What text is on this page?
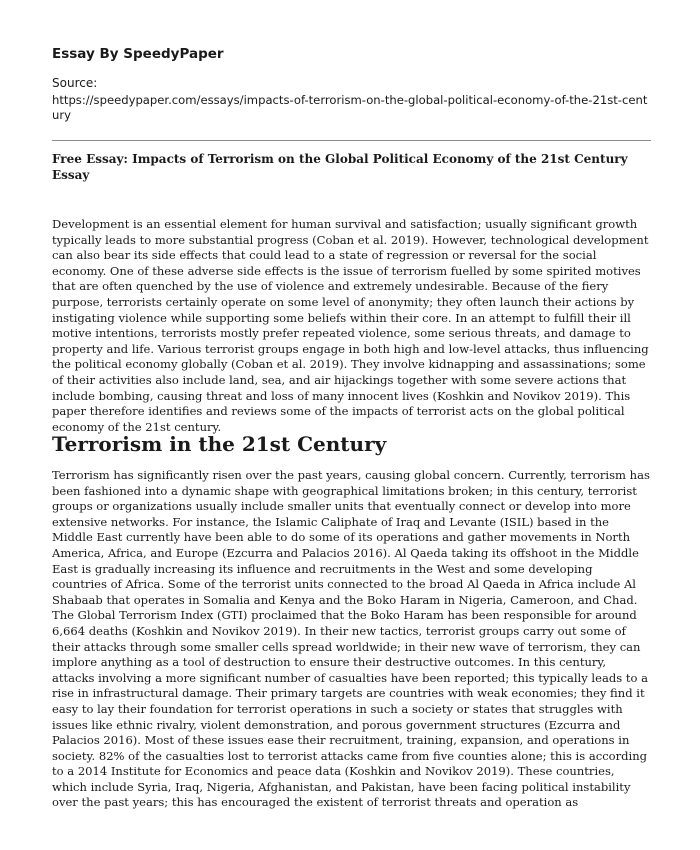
Essay By SpeedyPaper

Source:

https://speedypaper.com/essays/impacts-of-terrorism-on-the-global-political-economy-of-the-21st-century

Free Essay: Impacts of Terrorism on the Global Political Economy of the 21st Century Essay

Development is an essential element for human survival and satisfaction; usually significant growth typically leads to more substantial progress (Coban et al. 2019). However, technological development can also bear its side effects that could lead to a state of regression or reversal for the social economy. One of these adverse side effects is the issue of terrorism fuelled by some spirited motives that are often quenched by the use of violence and extremely undesirable. Because of the fiery purpose, terrorists certainly operate on some level of anonymity; they often launch their actions by instigating violence while supporting some beliefs within their core. In an attempt to fulfill their ill motive intentions, terrorists mostly prefer repeated violence, some serious threats, and damage to property and life. Various terrorist groups engage in both high and low-level attacks, thus influencing the political economy globally (Coban et al. 2019). They involve kidnapping and assassinations; some of their activities also include land, sea, and air hijackings together with some severe actions that include bombing, causing threat and loss of many innocent lives (Koshkin and Novikov 2019). This paper therefore identifies and reviews some of the impacts of terrorist acts on the global political economy of the 21st century.

Terrorism in the 21st Century

Terrorism has significantly risen over the past years, causing global concern. Currently, terrorism has been fashioned into a dynamic shape with geographical limitations broken; in this century, terrorist groups or organizations usually include smaller units that eventually connect or develop into more extensive networks. For instance, the Islamic Caliphate of Iraq and Levante (ISIL) based in the Middle East currently have been able to do some of its operations and gather movements in North America, Africa, and Europe (Ezcurra and Palacios 2016). Al Qaeda taking its offshoot in the Middle East is gradually increasing its influence and recruitments in the West and some developing countries of Africa. Some of the terrorist units connected to the broad Al Qaeda in Africa include Al Shabaab that operates in Somalia and Kenya and the Boko Haram in Nigeria, Cameroon, and Chad. The Global Terrorism Index (GTI) proclaimed that the Boko Haram has been responsible for around 6,664 deaths (Koshkin and Novikov 2019). In their new tactics, terrorist groups carry out some of their attacks through some smaller cells spread worldwide; in their new wave of terrorism, they can implore anything as a tool of destruction to ensure their destructive outcomes. In this century, attacks involving a more significant number of casualties have been reported; this typically leads to a rise in infrastructural damage. Their primary targets are countries with weak economies; they find it easy to lay their foundation for terrorist operations in such a society or states that struggles with issues like ethnic rivalry, violent demonstration, and porous government structures (Ezcurra and Palacios 2016). Most of these issues ease their recruitment, training, expansion, and operations in society. 82% of the casualties lost to terrorist attacks came from five counties alone; this is according to a 2014 Institute for Economics and peace data (Koshkin and Novikov 2019). These countries, which include Syria, Iraq, Nigeria, Afghanistan, and Pakistan, have been facing political instability over the past years; this has encouraged the existent of terrorist threats and operation as
